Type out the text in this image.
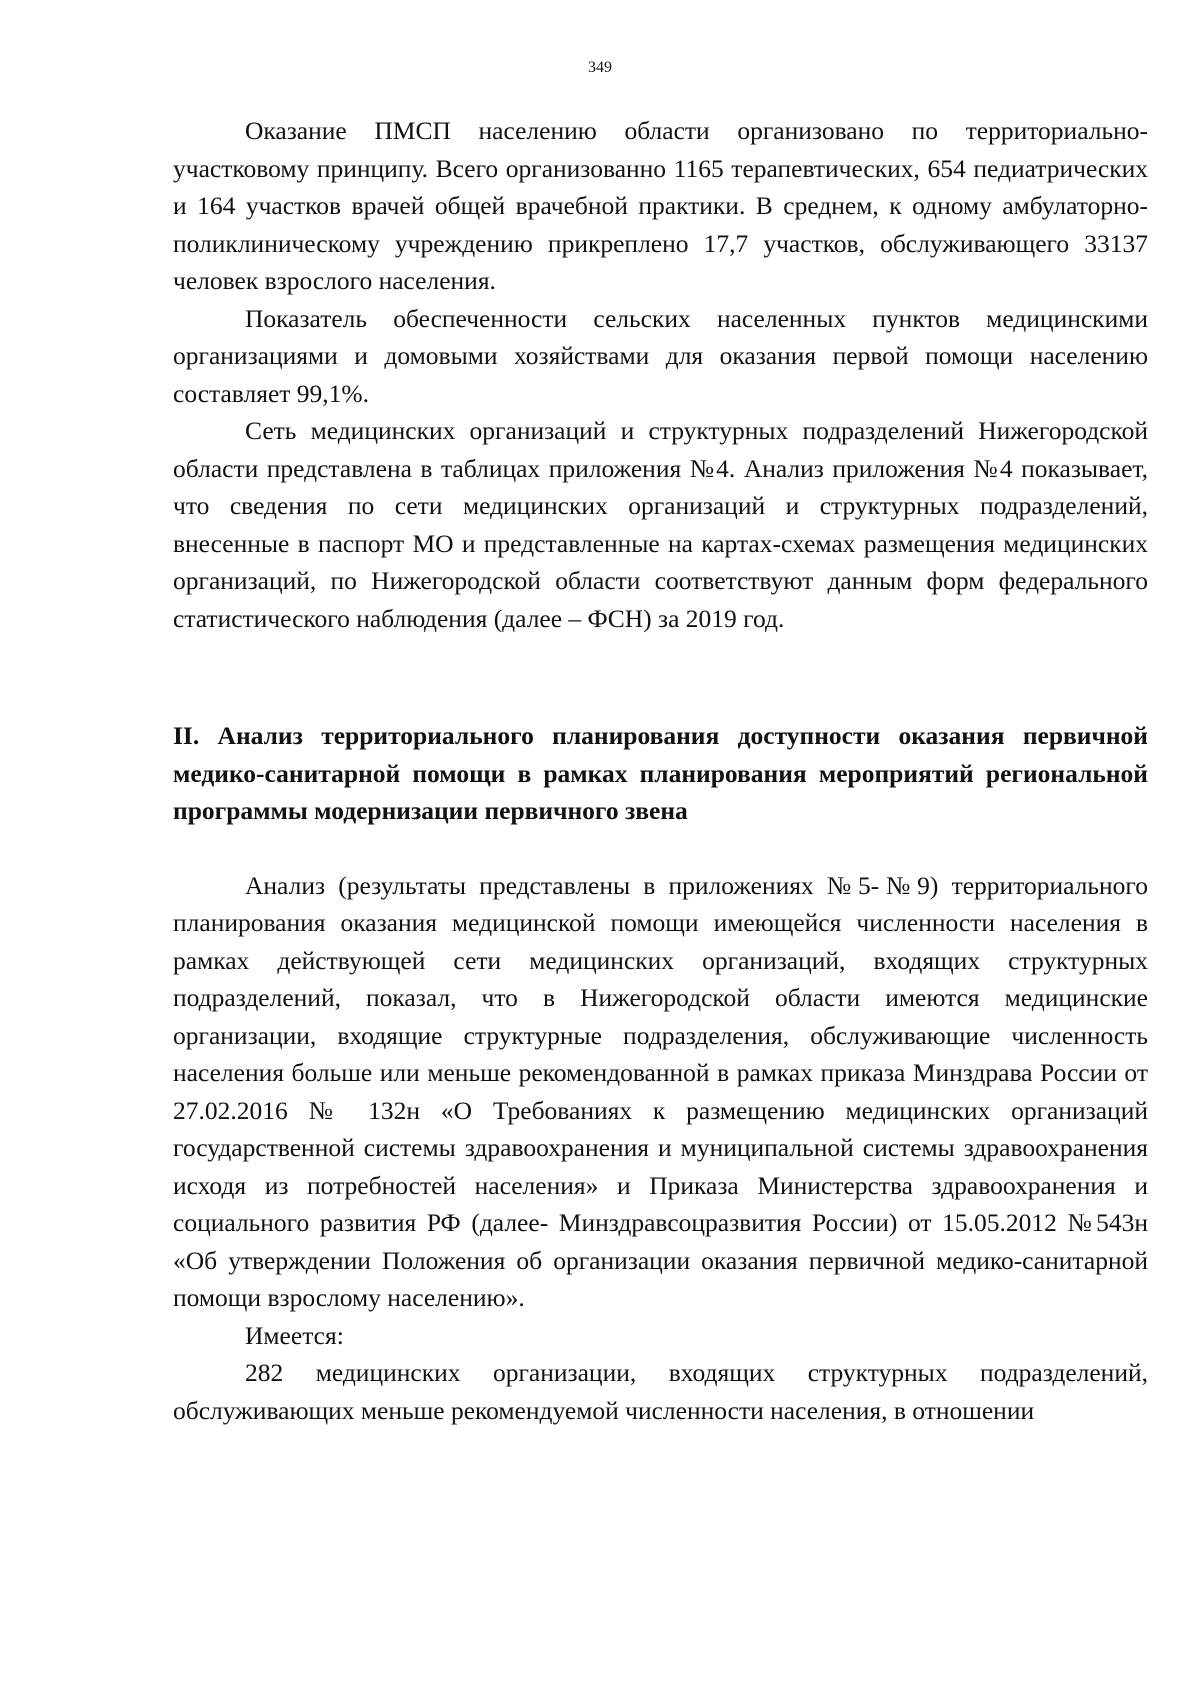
349

Оказание ПМСП населению области организовано по территориально-участковому принципу. Всего организованно 1165 терапевтических, 654 педиатрических и 164 участков врачей общей врачебной практики. В среднем, к одному амбулаторно-поликлиническому учреждению прикреплено 17,7 участков, обслуживающего 33137 человек взрослого населения.

Показатель обеспеченности сельских населенных пунктов медицинскими организациями и домовыми хозяйствами для оказания первой помощи населению составляет 99,1%.

Сеть медицинских организаций и структурных подразделений Нижегородской области представлена в таблицах приложения №4. Анализ приложения №4 показывает, что сведения по сети медицинских организаций и структурных подразделений, внесенные в паспорт МО и представленные на картах-схемах размещения медицинских организаций, по Нижегородской области соответствуют данным форм федерального статистического наблюдения (далее – ФСН) за 2019 год.

II. Анализ территориального планирования доступности оказания первичной медико-санитарной помощи в рамках планирования мероприятий региональной программы модернизации первичного звена

Анализ (результаты представлены в приложениях №5-№9) территориального планирования оказания медицинской помощи имеющейся численности населения в рамках действующей сети медицинских организаций, входящих структурных подразделений, показал, что в Нижегородской области имеются медицинские организации, входящие структурные подразделения, обслуживающие численность населения больше или меньше рекомендованной в рамках приказа Минздрава России от 27.02.2016 № 132н «О Требованиях к размещению медицинских организаций государственной системы здравоохранения и муниципальной системы здравоохранения исходя из потребностей населения» и Приказа Министерства здравоохранения и социального развития РФ (далее- Минздравсоцразвития России) от 15.05.2012 №543н «Об утверждении Положения об организации оказания первичной медико-санитарной помощи взрослому населению».

Имеется:

282 медицинских организации, входящих структурных подразделений, обслуживающих меньше рекомендуемой численности населения, в отношении
